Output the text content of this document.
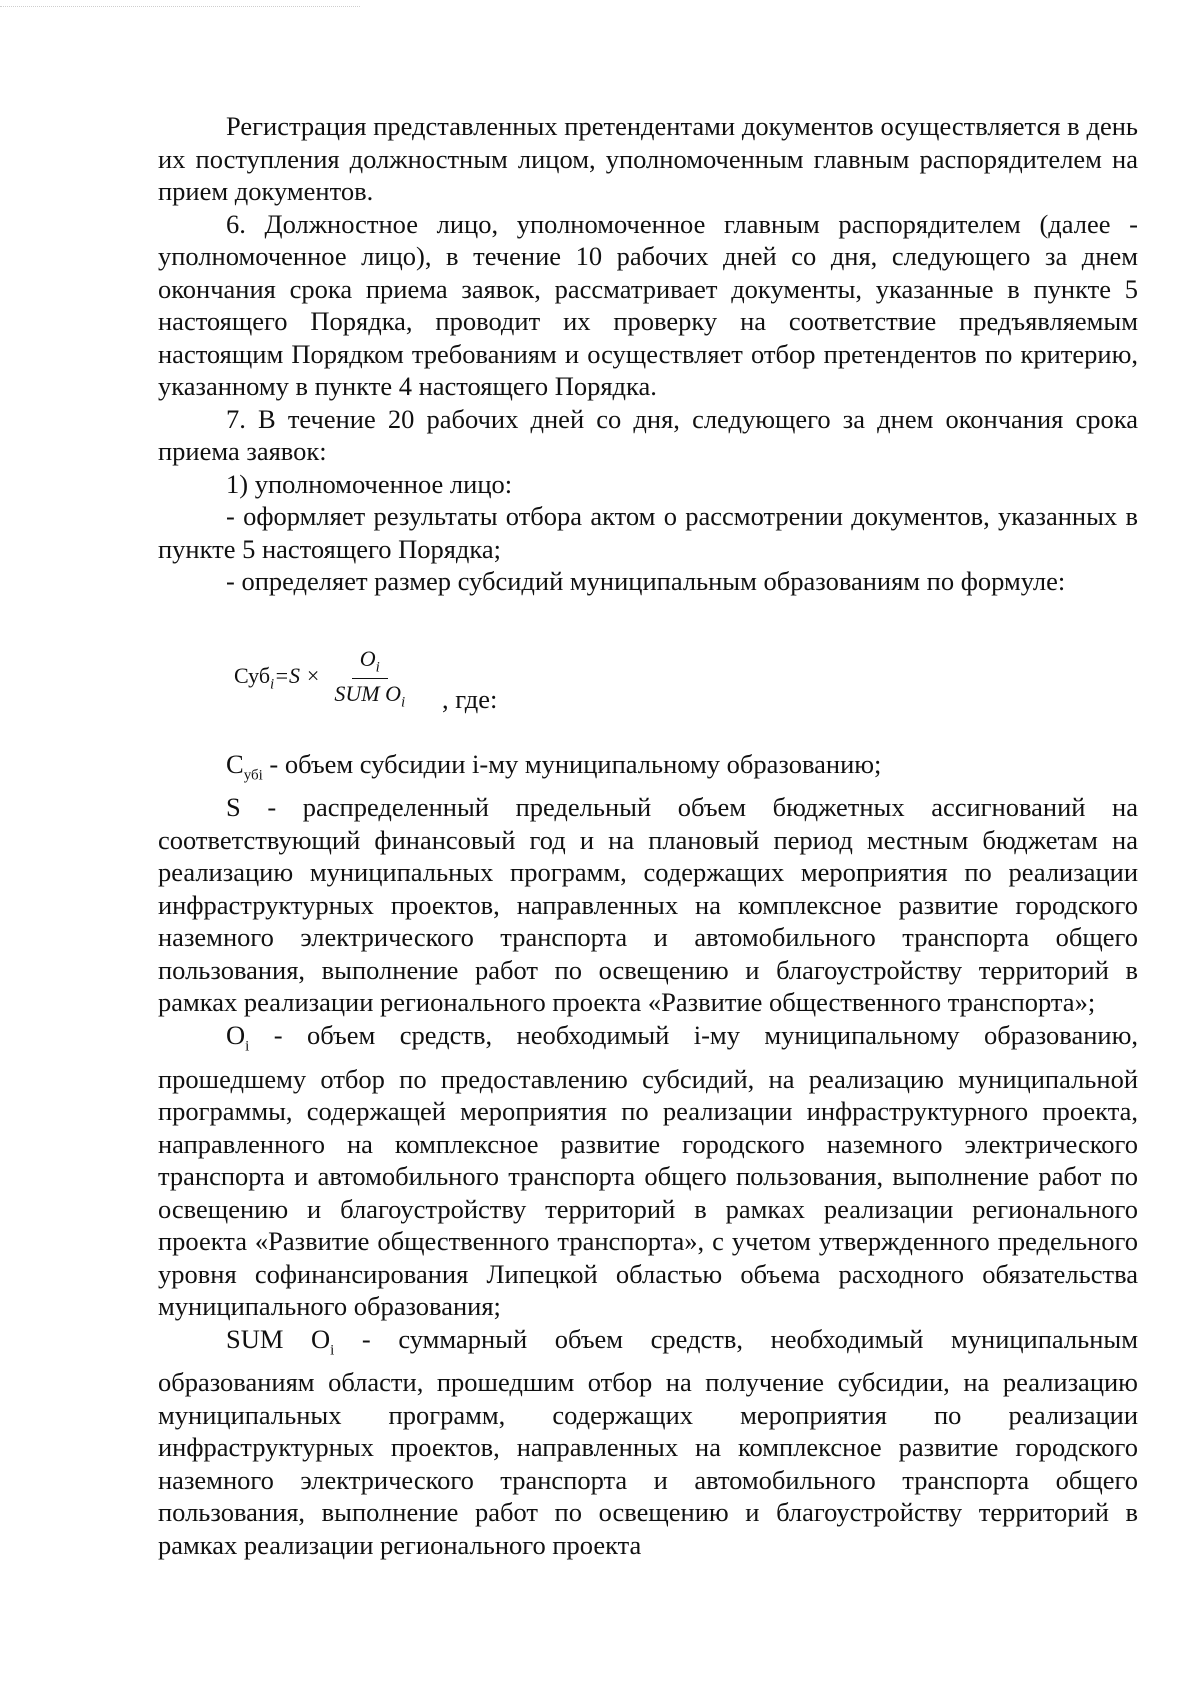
Регистрация представленных претендентами документов осуществляется в день их поступления должностным лицом, уполномоченным главным распорядителем на прием документов.

6. Должностное лицо, уполномоченное главным распорядителем (далее - уполномоченное лицо), в течение 10 рабочих дней со дня, следующего за днем окончания срока приема заявок, рассматривает документы, указанные в пункте 5 настоящего Порядка, проводит их проверку на соответствие предъявляемым настоящим Порядком требованиям и осуществляет отбор претендентов по критерию, указанному в пункте 4 настоящего Порядка.

7. В течение 20 рабочих дней со дня, следующего за днем окончания срока приема заявок:

1) уполномоченное лицо:

- оформляет результаты отбора актом о рассмотрении документов, указанных в пункте 5 настоящего Порядка;

- определяет размер субсидий муниципальным образованиям по формуле:

$Суб_i=S \times \frac{O_i}{SUM O_i}$ , где:

$С_{убi}$ - объем субсидии i-му муниципальному образованию;

S - распределенный предельный объем бюджетных ассигнований на соответствующий финансовый год и на плановый период местным бюджетам на реализацию муниципальных программ, содержащих мероприятия по реализации инфраструктурных проектов, направленных на комплексное развитие городского наземного электрического транспорта и автомобильного транспорта общего пользования, выполнение работ по освещению и благоустройству территорий в рамках реализации регионального проекта «Развитие общественного транспорта»;

$O_i$ - объем средств, необходимый i-му муниципальному образованию, прошедшему отбор по предоставлению субсидий, на реализацию муниципальной программы, содержащей мероприятия по реализации инфраструктурного проекта, направленного на комплексное развитие городского наземного электрического транспорта и автомобильного транспорта общего пользования, выполнение работ по освещению и благоустройству территорий в рамках реализации регионального проекта «Развитие общественного транспорта», с учетом утвержденного предельного уровня софинансирования Липецкой областью объема расходного обязательства муниципального образования;

SUM $O_i$ - суммарный объем средств, необходимый муниципальным образованиям области, прошедшим отбор на получение субсидии, на реализацию муниципальных программ, содержащих мероприятия по реализации инфраструктурных проектов, направленных на комплексное развитие городского наземного электрического транспорта и автомобильного транспорта общего пользования, выполнение работ по освещению и благоустройству территорий в рамках реализации регионального проекта
